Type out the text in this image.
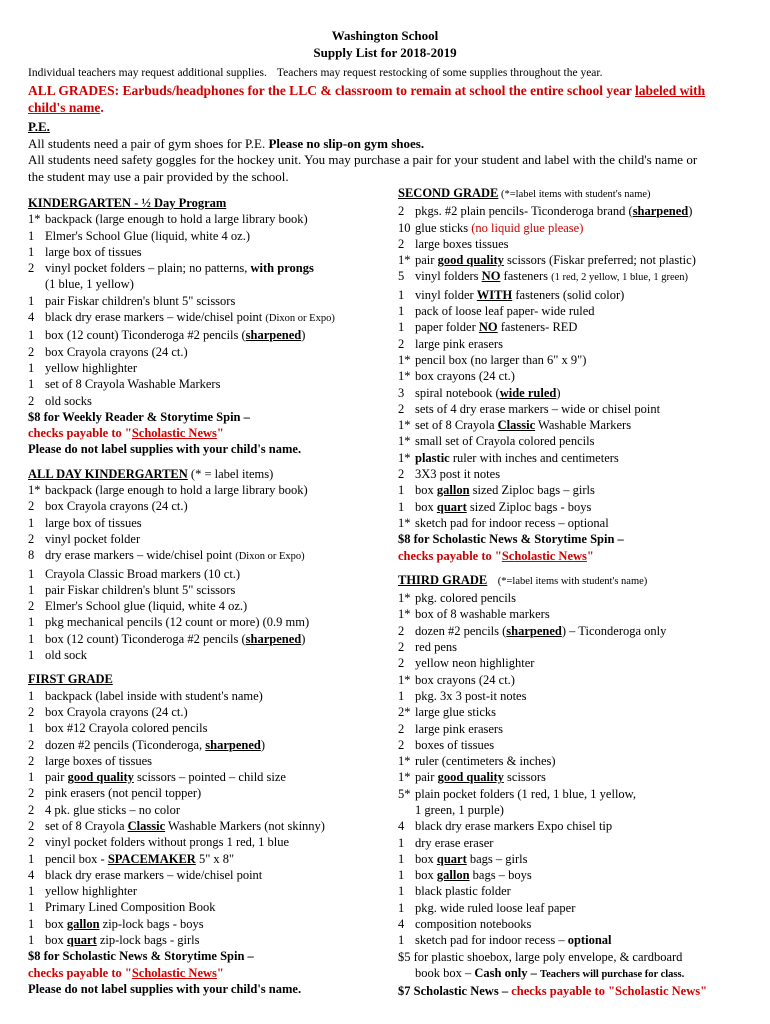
Washington School
Supply List for 2018-2019
Individual teachers may request additional supplies. Teachers may request restocking of some supplies throughout the year.
ALL GRADES: Earbuds/headphones for the LLC & classroom to remain at school the entire school year labeled with child's name.
P.E.
All students need a pair of gym shoes for P.E. Please no slip-on gym shoes.
All students need safety goggles for the hockey unit. You may purchase a pair for your student and label with the child's name or
the student may use a pair provided by the school.
KINDERGARTEN - ½ Day Program
1* backpack (large enough to hold a large library book)
1 Elmer's School Glue (liquid, white 4 oz.)
1 large box of tissues
2 vinyl pocket folders – plain; no patterns, with prongs
(1 blue, 1 yellow)
1 pair Fiskar children's blunt 5" scissors
4 black dry erase markers – wide/chisel point (Dixon or Expo)
1 box (12 count) Ticonderoga #2 pencils (sharpened)
2 box Crayola crayons (24 ct.)
1 yellow highlighter
1 set of 8 Crayola Washable Markers
2 old socks
$8 for Weekly Reader & Storytime Spin –
checks payable to "Scholastic News"
Please do not label supplies with your child's name.
ALL DAY KINDERGARTEN (* = label items)
1* backpack (large enough to hold a large library book)
2 box Crayola crayons (24 ct.)
1 large box of tissues
2 vinyl pocket folder
8 dry erase markers – wide/chisel point (Dixon or Expo)
1 Crayola Classic Broad markers (10 ct.)
1 pair Fiskar children's blunt 5" scissors
2 Elmer's School glue (liquid, white 4 oz.)
1 pkg mechanical pencils (12 count or more) (0.9 mm)
1 box (12 count) Ticonderoga #2 pencils (sharpened)
1 old sock
FIRST GRADE
1 backpack (label inside with student's name)
2 box Crayola crayons (24 ct.)
1 box #12 Crayola colored pencils
2 dozen #2 pencils (Ticonderoga, sharpened)
2 large boxes of tissues
1 pair good quality scissors – pointed – child size
2 pink erasers (not pencil topper)
2 4 pk. glue sticks – no color
2 set of 8 Crayola Classic Washable Markers (not skinny)
2 vinyl pocket folders without prongs 1 red, 1 blue
1 pencil box - SPACEMAKER 5" x 8"
4 black dry erase markers – wide/chisel point
1 yellow highlighter
1 Primary Lined Composition Book
1 box gallon zip-lock bags - boys
1 box quart zip-lock bags - girls
$8 for Scholastic News & Storytime Spin –
checks payable to "Scholastic News"
Please do not label supplies with your child's name.
SECOND GRADE (*=label items with student's name)
2 pkgs. #2 plain pencils- Ticonderoga brand (sharpened)
10 glue sticks (no liquid glue please)
2 large boxes tissues
1* pair good quality scissors (Fiskar preferred; not plastic)
5 vinyl folders NO fasteners (1 red, 2 yellow, 1 blue, 1 green)
1 vinyl folder WITH fasteners (solid color)
1 pack of loose leaf paper- wide ruled
1 paper folder NO fasteners- RED
2 large pink erasers
1* pencil box (no larger than 6" x 9")
1* box crayons (24 ct.)
3 spiral notebook (wide ruled)
2 sets of 4 dry erase markers – wide or chisel point
1* set of 8 Crayola Classic Washable Markers
1* small set of Crayola colored pencils
1* plastic ruler with inches and centimeters
2 3X3 post it notes
1 box gallon sized Ziploc bags – girls
1 box quart sized Ziploc bags - boys
1* sketch pad for indoor recess – optional
$8 for Scholastic News & Storytime Spin –
checks payable to "Scholastic News"
THIRD GRADE    (*=label items with student's name)
1* pkg. colored pencils
1* box of 8 washable markers
2 dozen #2 pencils (sharpened) – Ticonderoga only
2 red pens
2 yellow neon highlighter
1* box crayons (24 ct.)
1 pkg. 3x 3 post-it notes
2* large glue sticks
2 large pink erasers
2 boxes of tissues
1* ruler (centimeters & inches)
1* pair good quality scissors
5* plain pocket folders (1 red, 1 blue, 1 yellow,
1 green, 1 purple)
4 black dry erase markers Expo chisel tip
1 dry erase eraser
1 box quart bags – girls
1 box gallon bags – boys
1 black plastic folder
1 pkg. wide ruled loose leaf paper
4 composition notebooks
1 sketch pad for indoor recess – optional
$5 for plastic shoebox, large poly envelope, & cardboard
book box – Cash only – Teachers will purchase for class.
$7 Scholastic News – checks payable to "Scholastic News"
